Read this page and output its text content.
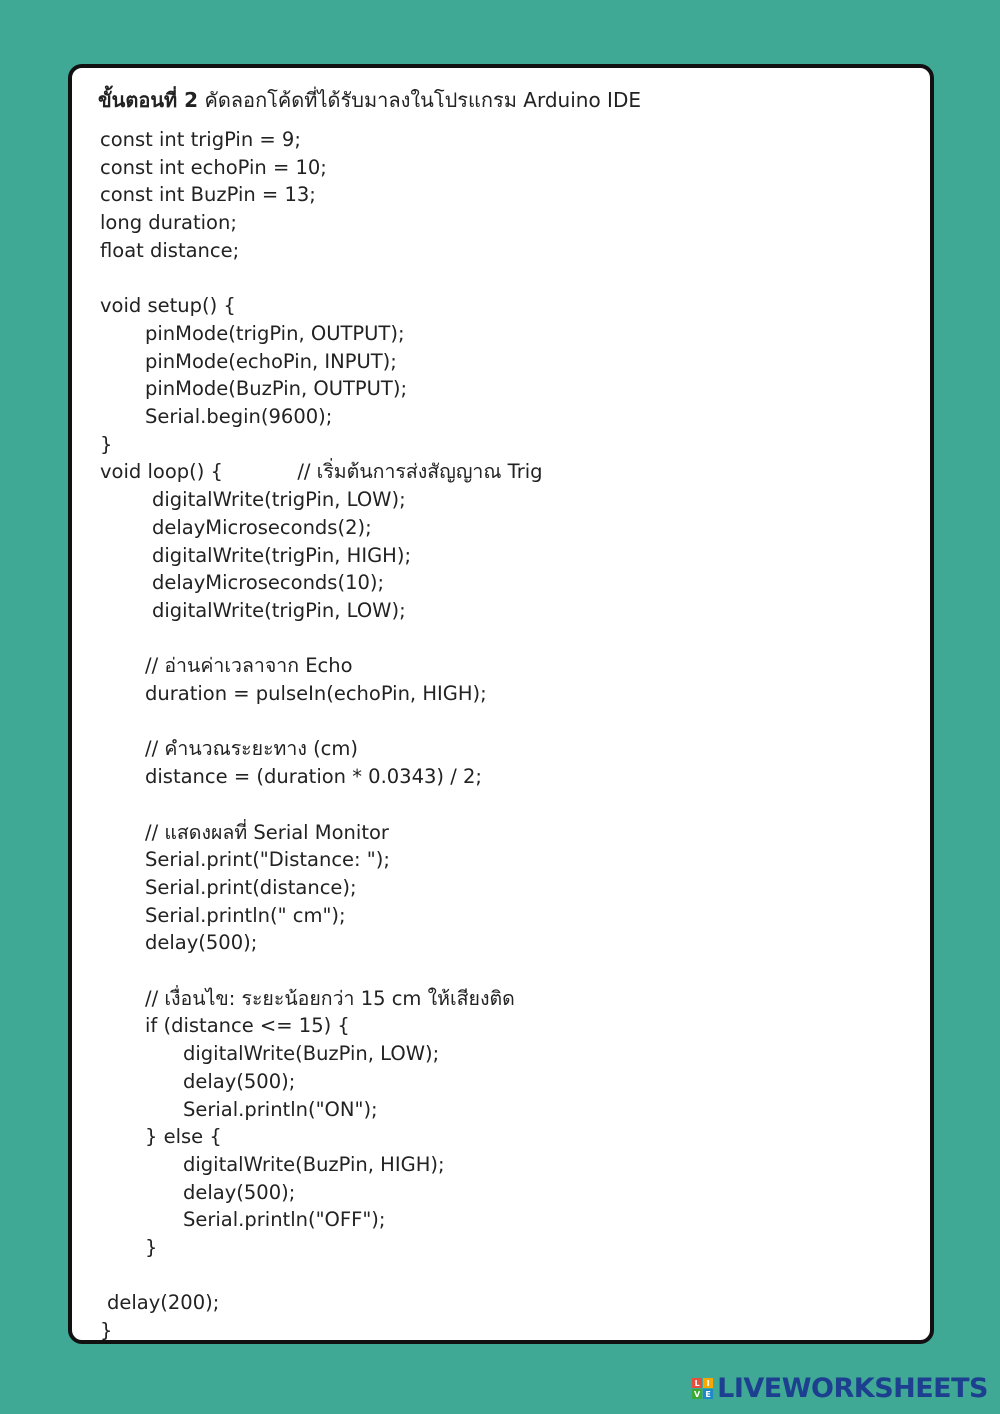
ขั้นตอนที่ 2 คัดลอกโค้ดที่ได้รับมาลงในโปรแกรม Arduino IDE
const int trigPin = 9;
const int echoPin = 10;
const int BuzPin = 13;
long duration;
float distance;
void setup() {
pinMode(trigPin, OUTPUT);
pinMode(echoPin, INPUT);
pinMode(BuzPin, OUTPUT);
Serial.begin(9600);
}
void loop() {            // เริ่มต้นการส่งสัญญาณ Trig
digitalWrite(trigPin, LOW);
delayMicroseconds(2);
digitalWrite(trigPin, HIGH);
delayMicroseconds(10);
digitalWrite(trigPin, LOW);
// อ่านค่าเวลาจาก Echo
duration = pulseIn(echoPin, HIGH);
// คำนวณระยะทาง (cm)
distance = (duration * 0.0343) / 2;
// แสดงผลที่ Serial Monitor
Serial.print("Distance: ");
Serial.print(distance);
Serial.println(" cm");
delay(500);
// เงื่อนไข: ระยะน้อยกว่า 15 cm ให้เสียงติด
if (distance <= 15) {
digitalWrite(BuzPin, LOW);
delay(500);
Serial.println("ON");
} else {
digitalWrite(BuzPin, HIGH);
delay(500);
Serial.println("OFF");
}
delay(200);
}
L I
V E LIVEWORKSHEETS
